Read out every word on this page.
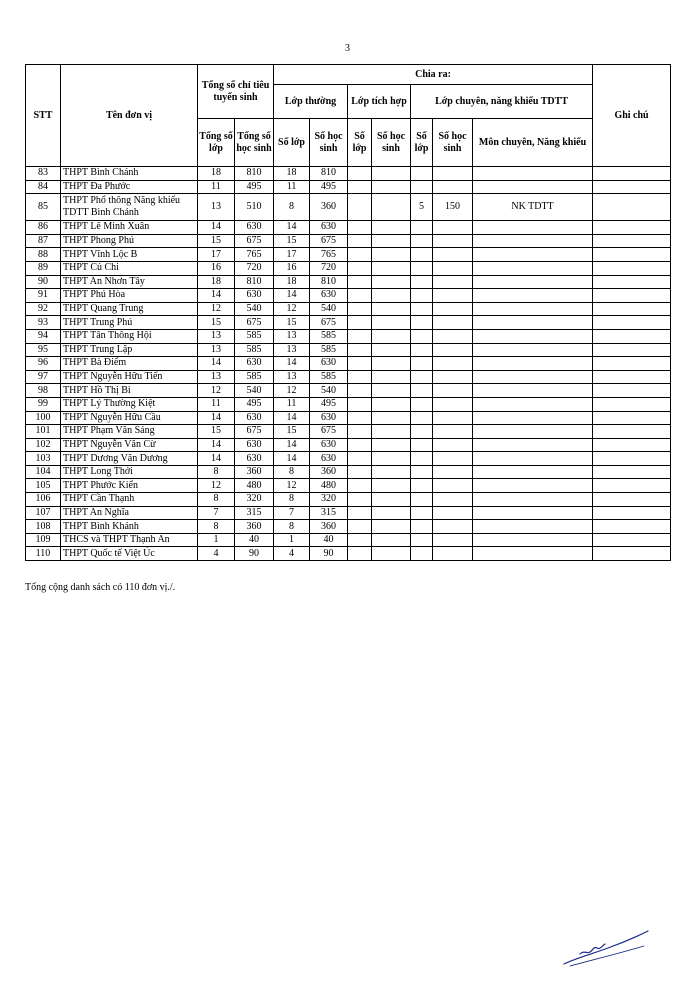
3
STT	Tên đơn vị	Tổng số chỉ tiêu tuyển sinh		Chia ra:							Ghi chú
				Lớp thường		Lớp tích hợp		Lớp chuyên, năng khiếu TDTT			
		Tổng số lớp	Tổng số học sinh	Số lớp	Số học sinh	Số lớp	Số học sinh	Số lớp	Số học sinh	Môn chuyên, Năng khiếu	
83	THPT Bình Chánh	18	810	18	810						
84	THPT Đa Phước	11	495	11	495						
85	THPT Phổ thông Năng khiếu TDTT Bình Chánh	13	510	8	360			5	150	NK TDTT	
86	THPT Lê Minh Xuân	14	630	14	630						
87	THPT Phong Phú	15	675	15	675						
88	THPT Vĩnh Lộc B	17	765	17	765						
89	THPT Củ Chi	16	720	16	720						
90	THPT An Nhơn Tây	18	810	18	810						
91	THPT Phú Hòa	14	630	14	630						
92	THPT Quang Trung	12	540	12	540						
93	THPT Trung Phú	15	675	15	675						
94	THPT Tân Thông Hội	13	585	13	585						
95	THPT Trung Lập	13	585	13	585						
96	THPT Bà Điểm	14	630	14	630						
97	THPT Nguyễn Hữu Tiến	13	585	13	585						
98	THPT Hồ Thị Bi	12	540	12	540						
99	THPT Lý Thường Kiệt	11	495	11	495						
100	THPT Nguyễn Hữu Cầu	14	630	14	630						
101	THPT Phạm Văn Sáng	15	675	15	675						
102	THPT Nguyễn Văn Cừ	14	630	14	630						
103	THPT Dương Văn Dương	14	630	14	630						
104	THPT Long Thới	8	360	8	360						
105	THPT Phước Kiển	12	480	12	480						
106	THPT Cần Thạnh	8	320	8	320						
107	THPT An Nghĩa	7	315	7	315						
108	THPT Bình Khánh	8	360	8	360						
109	THCS và THPT Thạnh An	1	40	1	40						
110	THPT Quốc tế Việt Úc	4	90	4	90						
Tổng cộng danh sách có 110 đơn vị./.
